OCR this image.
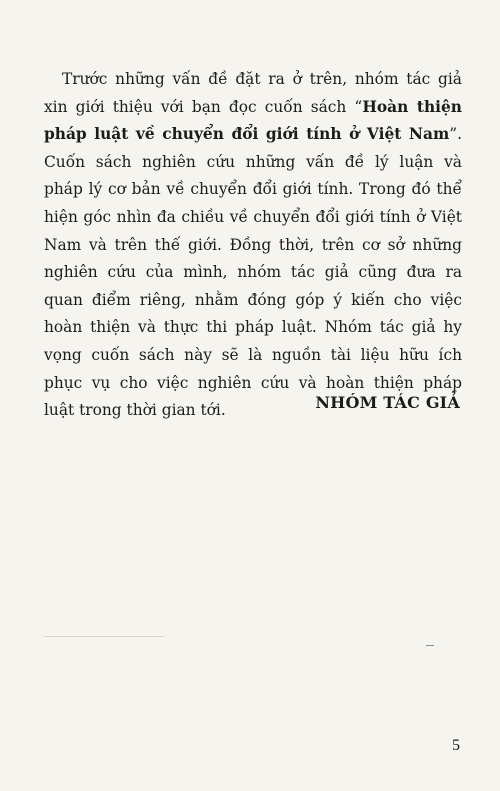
Trước những vấn đề đặt ra ở trên, nhóm tác giả
xin giới thiệu với bạn đọc cuốn sách “Hoàn thiện
pháp luật về chuyển đổi giới tính ở Việt Nam”.
Cuốn sách nghiên cứu những vấn đề lý luận và
pháp lý cơ bản về chuyển đổi giới tính. Trong đó thể
hiện góc nhìn đa chiều về chuyển đổi giới tính ở Việt
Nam và trên thế giới. Đồng thời, trên cơ sở những
nghiên cứu của mình, nhóm tác giả cũng đưa ra
quan điểm riêng, nhằm đóng góp ý kiến cho việc
hoàn thiện và thực thi pháp luật. Nhóm tác giả hy
vọng cuốn sách này sẽ là nguồn tài liệu hữu ích
phục vụ cho việc nghiên cứu và hoàn thiện pháp
luật trong thời gian tới.	NHÓM TÁC GIẢ
5
